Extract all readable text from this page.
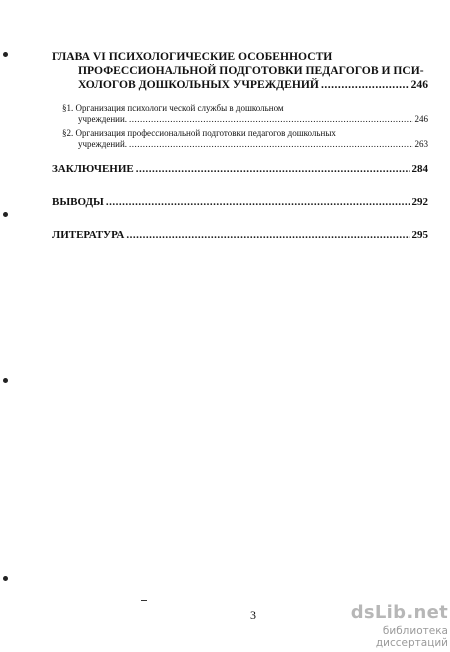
ГЛАВА VI ПСИХОЛОГИЧЕСКИЕ ОСОБЕННОСТИ
ПРОФЕССИОНАЛЬНОЙ ПОДГОТОВКИ ПЕДАГОГОВ И ПСИ-
ХОЛОГОВ ДОШКОЛЬНЫХ УЧРЕЖДЕНИЙ .....	246
§1. Организация психологи ческой службы в дошкольном
учреждении. .....	246
§2. Организация профессиональной подготовки педагогов дошкольных
учреждений. .....	263
ЗАКЛЮЧЕНИЕ .....	284
ВЫВОДЫ .....	292
ЛИТЕРАТУРА .....	295
3	dsLib.net
библиотека диссертаций
